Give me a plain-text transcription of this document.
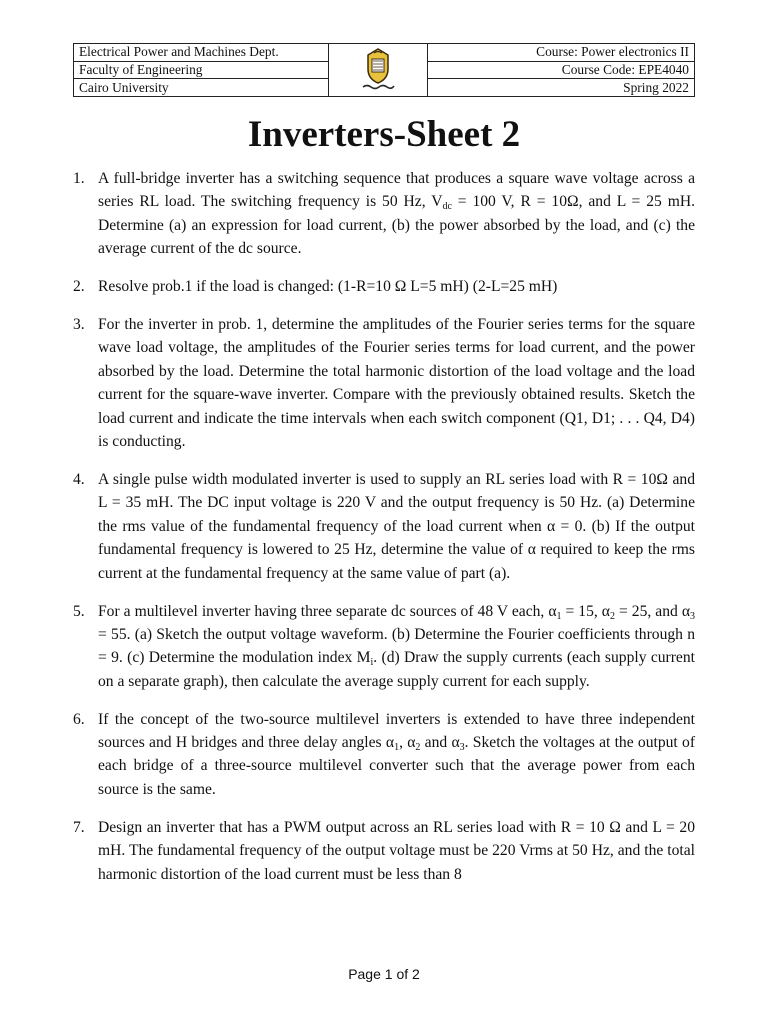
Electrical Power and Machines Dept.		Course: Power electronics II
Faculty of Engineering		Course Code: EPE4040
Cairo University		Spring 2022
Inverters-Sheet 2
1. A full-bridge inverter has a switching sequence that produces a square wave voltage across a series RL load. The switching frequency is 50 Hz, $V_{dc} = 100$ V, R = 10Ω, and L = 25 mH. Determine (a) an expression for load current, (b) the power absorbed by the load, and (c) the average current of the dc source.
2. Resolve prob.1 if the load is changed: (1-R=10 Ω L=5 mH) (2-L=25 mH)
3. For the inverter in prob. 1, determine the amplitudes of the Fourier series terms for the square wave load voltage, the amplitudes of the Fourier series terms for load current, and the power absorbed by the load. Determine the total harmonic distortion of the load voltage and the load current for the square-wave inverter. Compare with the previously obtained results. Sketch the load current and indicate the time intervals when each switch component (Q1, D1; . . . Q4, D4) is conducting.
4. A single pulse width modulated inverter is used to supply an RL series load with R = 10Ω and L = 35 mH. The DC input voltage is 220 V and the output frequency is 50 Hz. (a) Determine the rms value of the fundamental frequency of the load current when α = 0. (b) If the output fundamental frequency is lowered to 25 Hz, determine the value of α required to keep the rms current at the fundamental frequency at the same value of part (a).
5. For a multilevel inverter having three separate dc sources of 48 V each, $\alpha_1 = 15$, $\alpha_2 = 25$, and $\alpha_3 = 55$. (a) Sketch the output voltage waveform. (b) Determine the Fourier coefficients through n = 9. (c) Determine the modulation index $M_i$. (d) Draw the supply currents (each supply current on a separate graph), then calculate the average supply current for each supply.
6. If the concept of the two-source multilevel inverters is extended to have three independent sources and H bridges and three delay angles $\alpha_1$, $\alpha_2$ and $\alpha_3$. Sketch the voltages at the output of each bridge of a three-source multilevel converter such that the average power from each source is the same.
7. Design an inverter that has a PWM output across an RL series load with R = 10 Ω and L = 20 mH. The fundamental frequency of the output voltage must be 220 Vrms at 50 Hz, and the total harmonic distortion of the load current must be less than 8
Page 1 of 2
